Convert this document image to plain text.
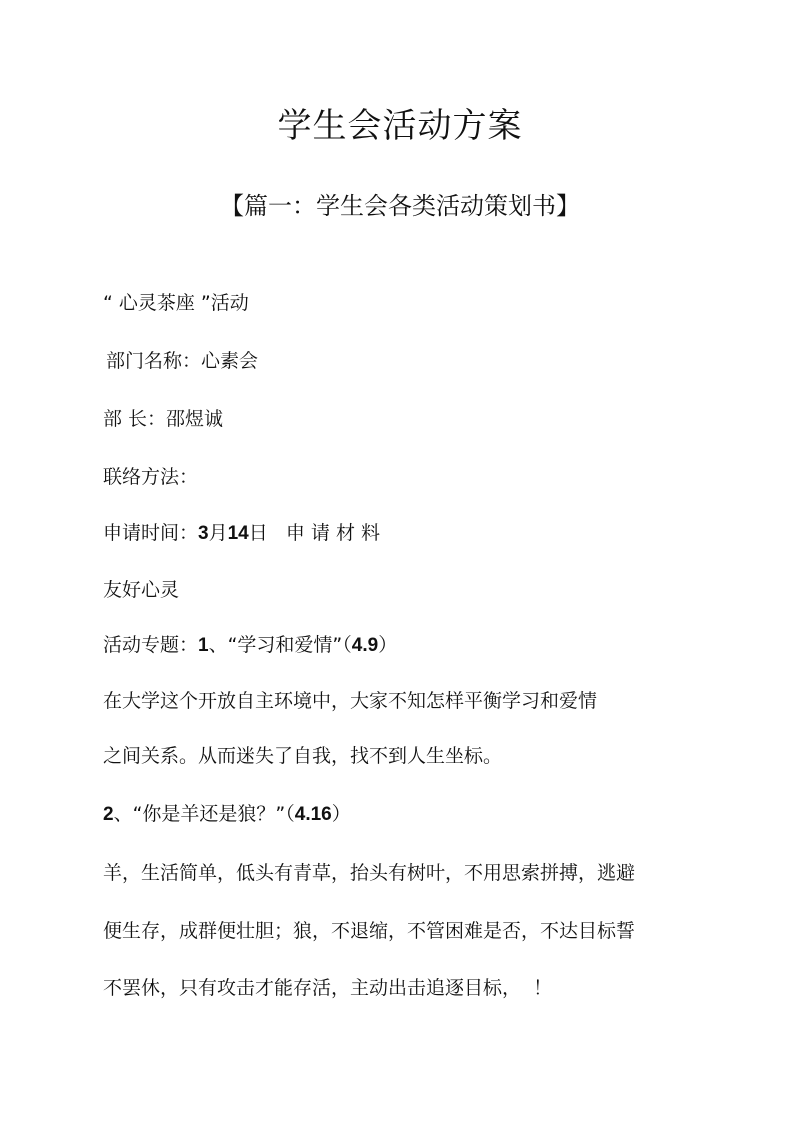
学生会活动方案
【篇一：学生会各类活动策划书】

“ 心灵茶座 ”活动

部门名称：心素会

部 长：邵煜诚

联络方法：

申请时间：3月14日   申 请 材 料

友好心灵

活动专题：1、“学习和爱情”（4.9）

在大学这个开放自主环境中，大家不知怎样平衡学习和爱情

之间关系。从而迷失了自我，找不到人生坐标。

2、“你是羊还是狼？”（4.16）

羊，生活简单，低头有青草，抬头有树叶，不用思索拼搏，逃避

便生存，成群便壮胆；狼，不退缩，不管困难是否，不达目标誓

不罢休，只有攻击才能存活，主动出击追逐目标，  ！
